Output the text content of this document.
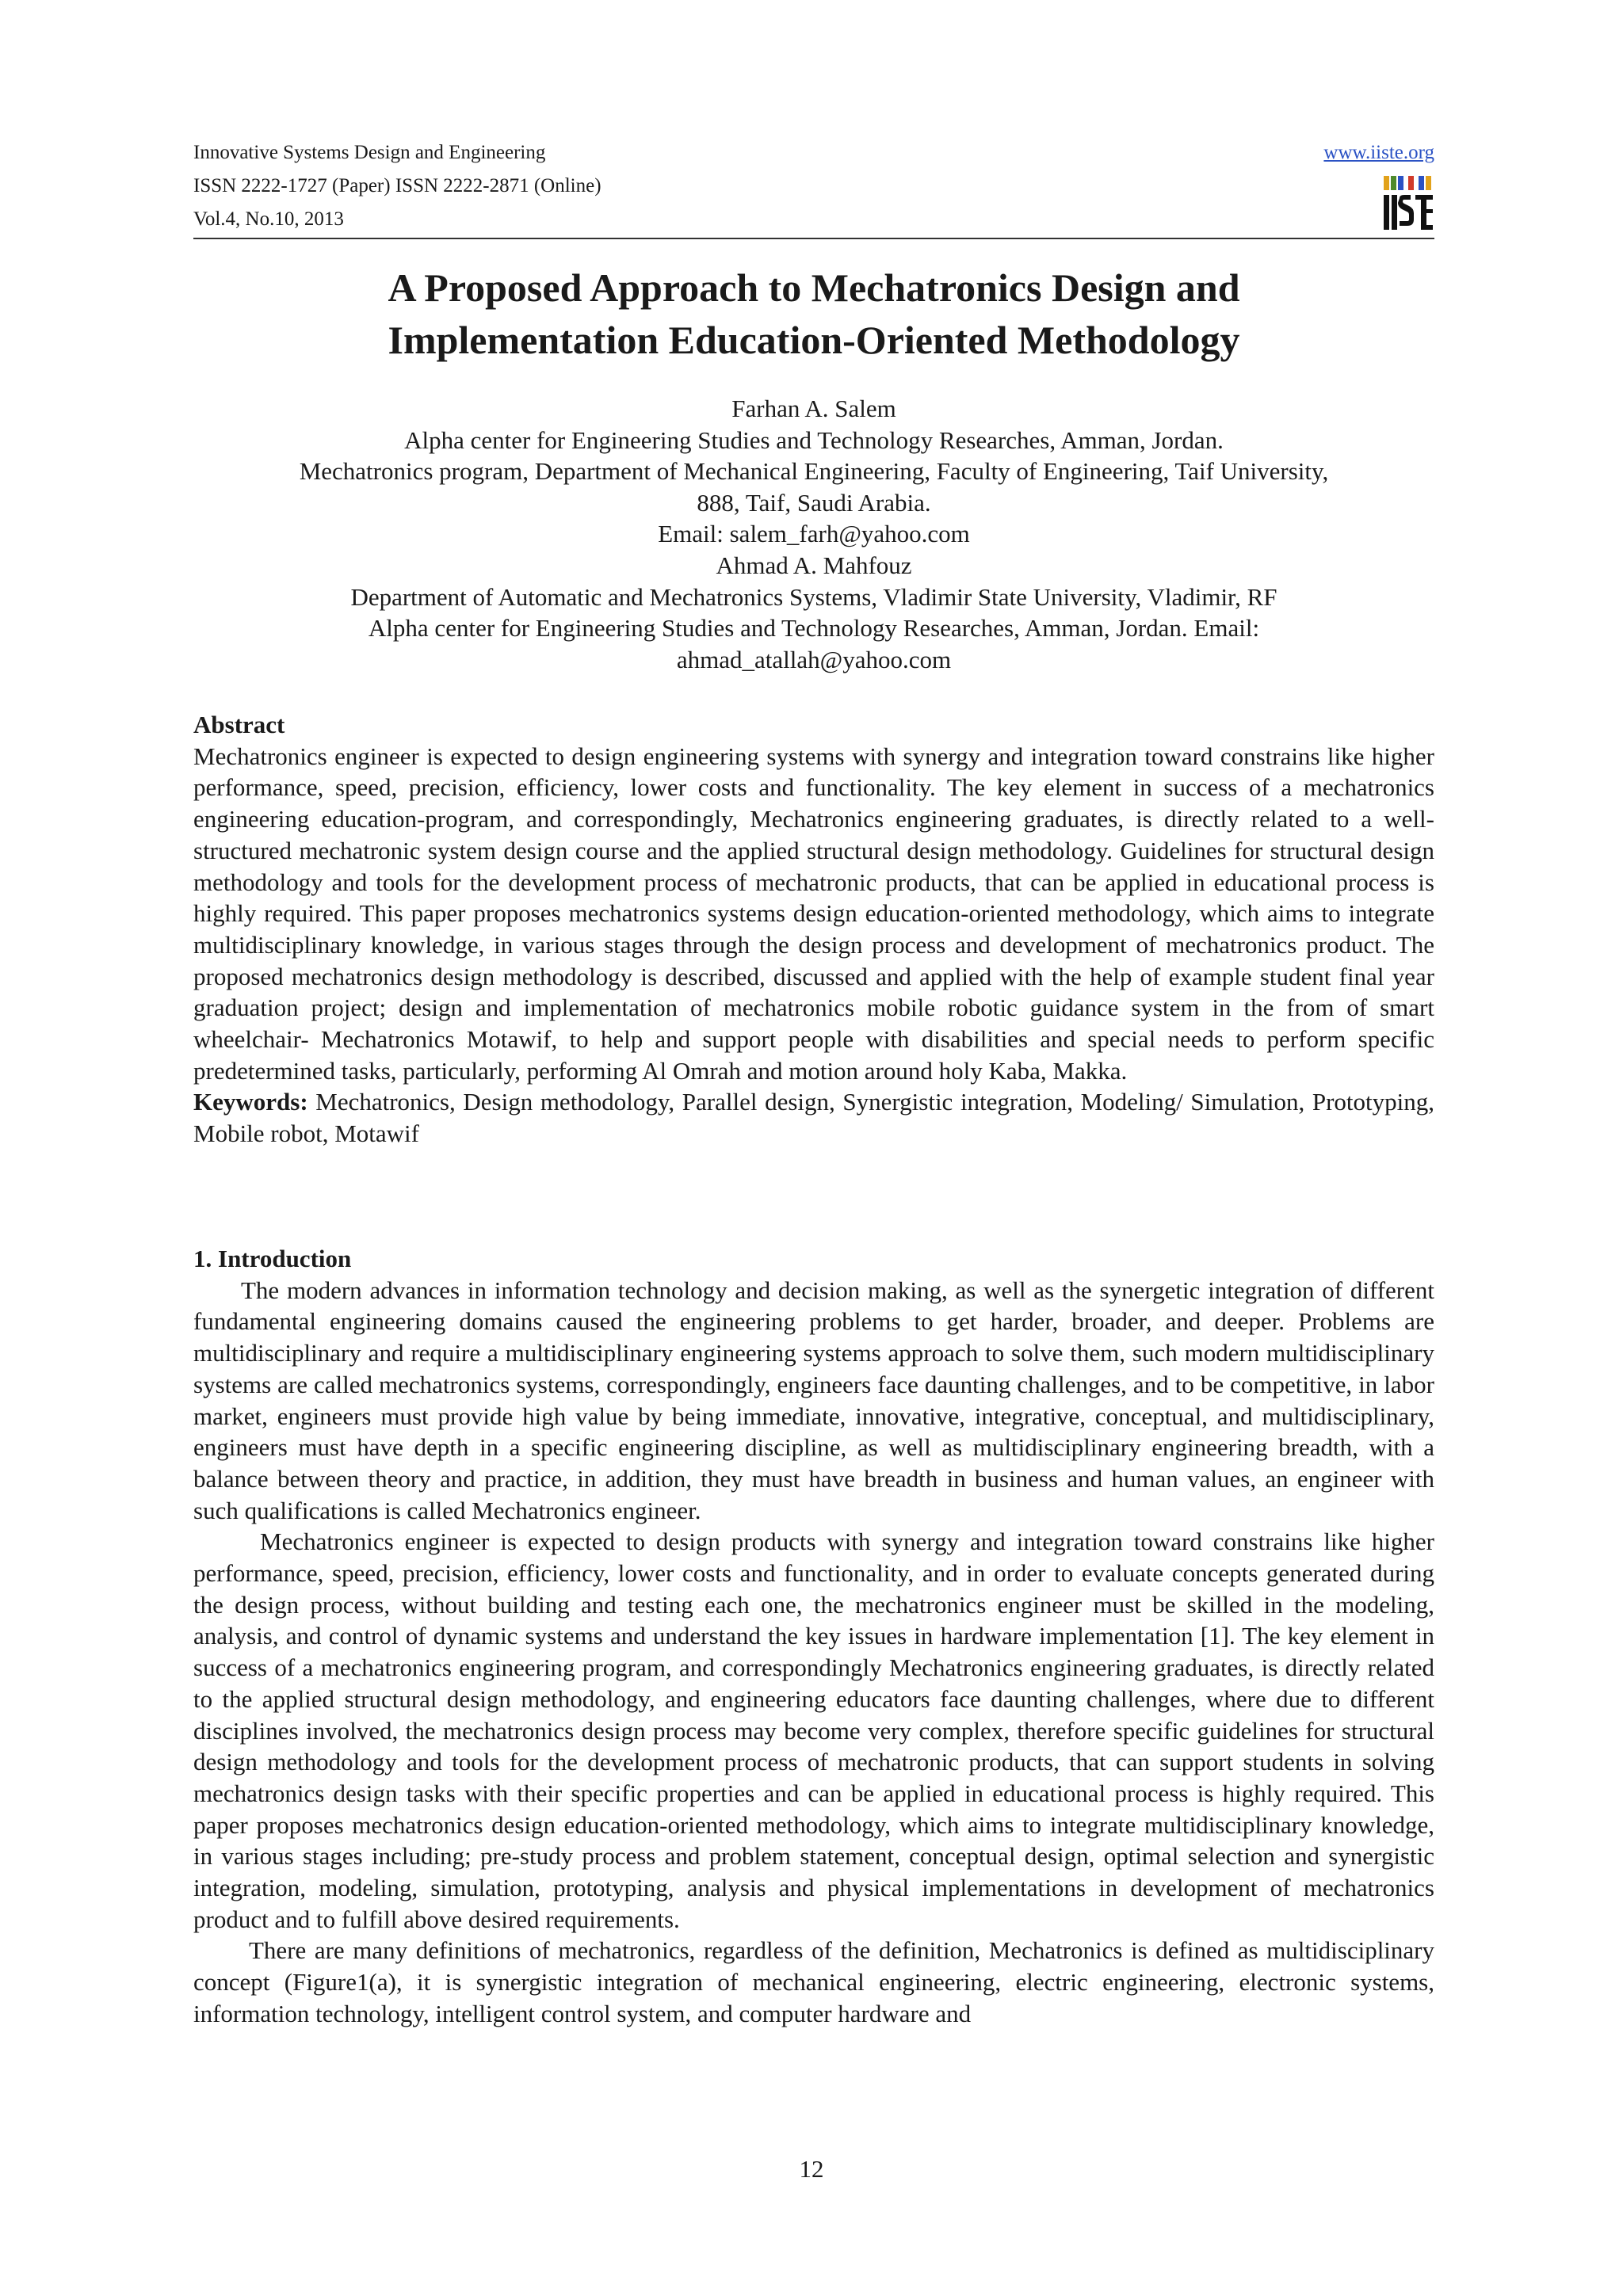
Innovative Systems Design and Engineering
ISSN 2222-1727 (Paper) ISSN 2222-2871 (Online)
Vol.4, No.10, 2013
www.iiste.org
A Proposed Approach to Mechatronics Design and
Implementation Education-Oriented Methodology
Farhan A. Salem
Alpha center for Engineering Studies and Technology Researches, Amman, Jordan.
Mechatronics program, Department of Mechanical Engineering, Faculty of Engineering, Taif University,
888, Taif, Saudi Arabia.
Email: salem_farh@yahoo.com
Ahmad A. Mahfouz
Department of Automatic and Mechatronics Systems, Vladimir State University, Vladimir, RF
Alpha center for Engineering Studies and Technology Researches, Amman, Jordan. Email:
ahmad_atallah@yahoo.com

Abstract

Mechatronics engineer is expected to design engineering systems with synergy and integration toward constrains like higher performance, speed, precision, efficiency, lower costs and functionality. The key element in success of a mechatronics engineering education-program, and correspondingly, Mechatronics engineering graduates, is directly related to a well-structured mechatronic system design course and the applied structural design methodology. Guidelines for structural design methodology and tools for the development process of mechatronic products, that can be applied in educational process is highly required. This paper proposes mechatronics systems design education-oriented methodology, which aims to integrate multidisciplinary knowledge, in various stages through the design process and development of mechatronics product. The proposed mechatronics design methodology is described, discussed and applied with the help of example student final year graduation project; design and implementation of mechatronics mobile robotic guidance system in the from of smart wheelchair- Mechatronics Motawif, to help and support people with disabilities and special needs to perform specific predetermined tasks, particularly, performing Al Omrah and motion around holy Kaba, Makka.

Keywords: Mechatronics, Design methodology, Parallel design, Synergistic integration, Modeling/ Simulation, Prototyping, Mobile robot, Motawif

1. Introduction

The modern advances in information technology and decision making, as well as the synergetic integration of different fundamental engineering domains caused the engineering problems to get harder, broader, and deeper. Problems are multidisciplinary and require a multidisciplinary engineering systems approach to solve them, such modern multidisciplinary systems are called mechatronics systems, correspondingly, engineers face daunting challenges, and to be competitive, in labor market, engineers must provide high value by being immediate, innovative, integrative, conceptual, and multidisciplinary, engineers must have depth in a specific engineering discipline, as well as multidisciplinary engineering breadth, with a balance between theory and practice, in addition, they must have breadth in business and human values, an engineer with such qualifications is called Mechatronics engineer.

Mechatronics engineer is expected to design products with synergy and integration toward constrains like higher performance, speed, precision, efficiency, lower costs and functionality, and in order to evaluate concepts generated during the design process, without building and testing each one, the mechatronics engineer must be skilled in the modeling, analysis, and control of dynamic systems and understand the key issues in hardware implementation [1]. The key element in success of a mechatronics engineering program, and correspondingly Mechatronics engineering graduates, is directly related to the applied structural design methodology, and engineering educators face daunting challenges, where due to different disciplines involved, the mechatronics design process may become very complex, therefore specific guidelines for structural design methodology and tools for the development process of mechatronic products, that can support students in solving mechatronics design tasks with their specific properties and can be applied in educational process is highly required. This paper proposes mechatronics design education-oriented methodology, which aims to integrate multidisciplinary knowledge, in various stages including; pre-study process and problem statement, conceptual design, optimal selection and synergistic integration, modeling, simulation, prototyping, analysis and physical implementations in development of mechatronics product and to fulfill above desired requirements.

There are many definitions of mechatronics, regardless of the definition, Mechatronics is defined as multidisciplinary concept (Figure1(a), it is synergistic integration of mechanical engineering, electric engineering, electronic systems, information technology, intelligent control system, and computer hardware and

12
